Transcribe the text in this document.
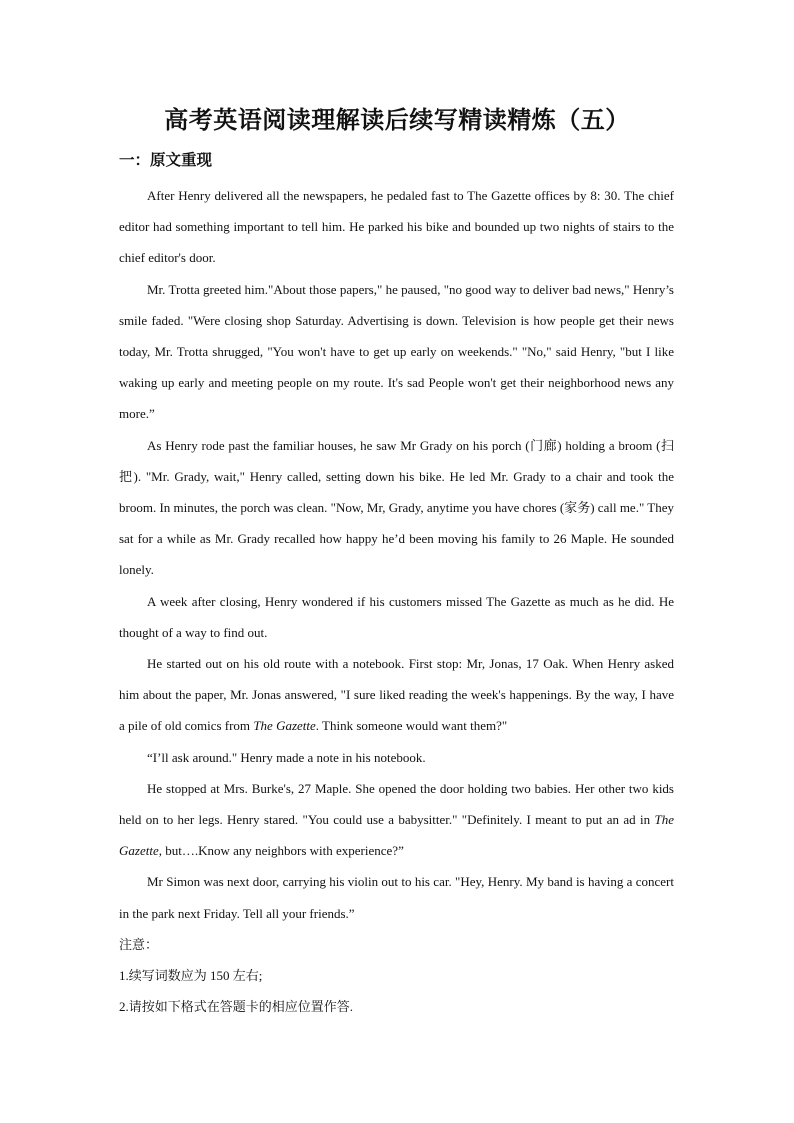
高考英语阅读理解读后续写精读精炼（五）
一：原文重现

After Henry delivered all the newspapers, he pedaled fast to The Gazette offices by 8: 30. The chief editor had something important to tell him. He parked his bike and bounded up two nights of stairs to the chief editor's door.

Mr. Trotta greeted him."About those papers," he paused, "no good way to deliver bad news," Henry’s smile faded. "Were closing shop Saturday. Advertising is down. Television is how people get their news today, Mr. Trotta shrugged, "You won't have to get up early on weekends." "No," said Henry, "but I like waking up early and meeting people on my route. It's sad People won't get their neighborhood news any more.”

As Henry rode past the familiar houses, he saw Mr Grady on his porch (门廊) holding a broom (扫把). "Mr. Grady, wait," Henry called, setting down his bike. He led Mr. Grady to a chair and took the broom. In minutes, the porch was clean. "Now, Mr, Grady, anytime you have chores (家务) call me." They sat for a while as Mr. Grady recalled how happy he’d been moving his family to 26 Maple. He sounded lonely.

A week after closing, Henry wondered if his customers missed The Gazette as much as he did. He thought of a way to find out.

He started out on his old route with a notebook. First stop: Mr, Jonas, 17 Oak. When Henry asked him about the paper, Mr. Jonas answered, "I sure liked reading the week's happenings. By the way, I have a pile of old comics from The Gazette. Think someone would want them?"

“I’ll ask around." Henry made a note in his notebook.

He stopped at Mrs. Burke's, 27 Maple. She opened the door holding two babies. Her other two kids held on to her legs. Henry stared. "You could use a babysitter." "Definitely. I meant to put an ad in The Gazette, but….Know any neighbors with experience?”

Mr Simon was next door, carrying his violin out to his car. "Hey, Henry. My band is having a concert in the park next Friday. Tell all your friends.”

注意：

1.续写词数应为 150 左右;

2.请按如下格式在答题卡的相应位置作答.
